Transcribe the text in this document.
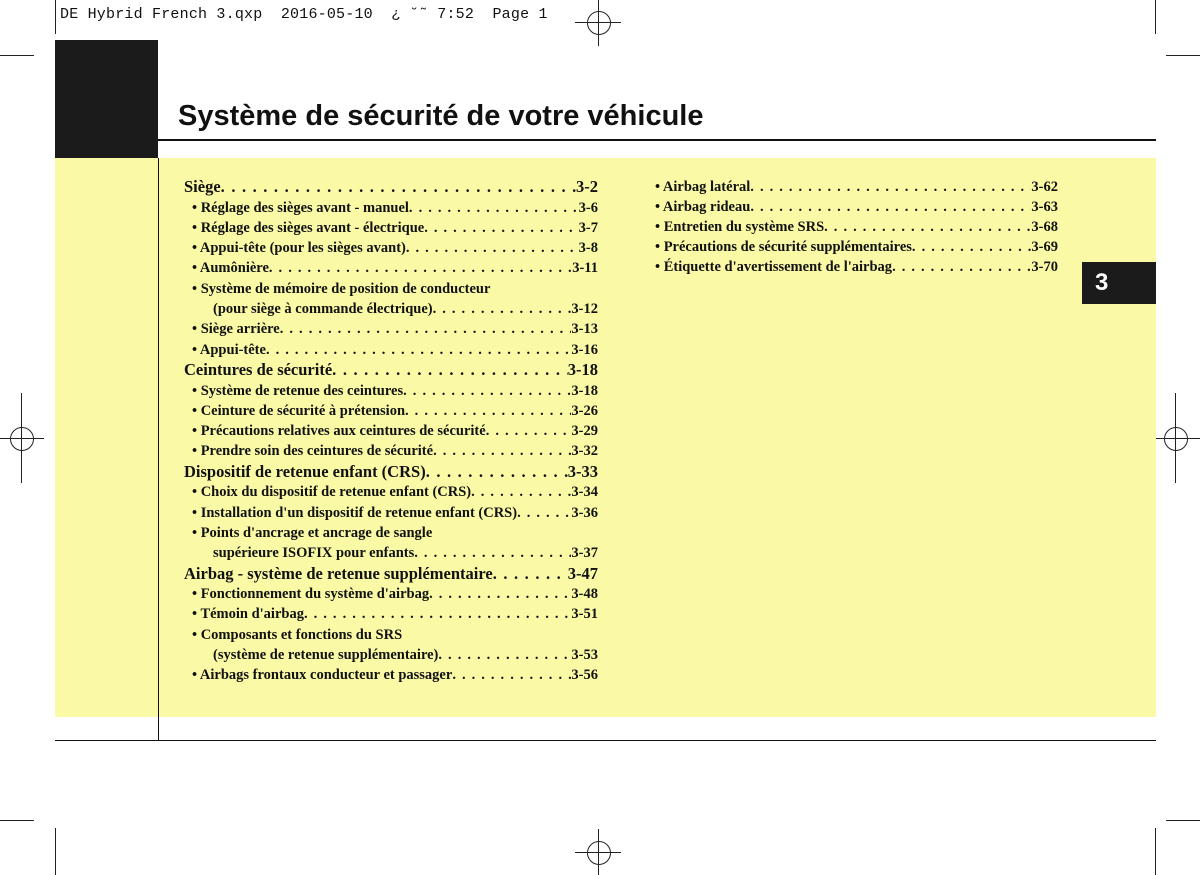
DE Hybrid French 3.qxp  2016-05-10  ¿ ˘˜ 7:52  Page 1
Système de sécurité de votre véhicule
3
Siège . . .	3-2
• Réglage des sièges avant - manuel . . .	3-6
• Réglage des sièges avant - électrique . . .	3-7
• Appui-tête (pour les sièges avant) . . .	3-8
• Aumônière . . .	3-11
• Système de mémoire de position de conducteur
(pour siège à commande électrique) . . .	3-12
• Siège arrière . . .	3-13
• Appui-tête . . .	3-16
Ceintures de sécurité . . .	3-18
• Système de retenue des ceintures . . .	3-18
• Ceinture de sécurité à prétension . . .	3-26
• Précautions relatives aux ceintures de sécurité . . .	3-29
• Prendre soin des ceintures de sécurité . . .	3-32
Dispositif de retenue enfant (CRS) . . .	3-33
• Choix du dispositif de retenue enfant (CRS) . . .	3-34
• Installation d'un dispositif de retenue enfant (CRS) . . .	3-36
• Points d'ancrage et ancrage de sangle
supérieure ISOFIX pour enfants . . .	3-37
Airbag - système de retenue supplémentaire . . .	3-47
• Fonctionnement du système d'airbag . . .	3-48
• Témoin d'airbag . . .	3-51
• Composants et fonctions du SRS
(système de retenue supplémentaire) . . .	3-53
• Airbags frontaux conducteur et passager . . .	3-56
• Airbag latéral . . .	3-62
• Airbag rideau . . .	3-63
• Entretien du système SRS . . .	3-68
• Précautions de sécurité supplémentaires . . .	3-69
• Étiquette d'avertissement de l'airbag . . .	3-70
